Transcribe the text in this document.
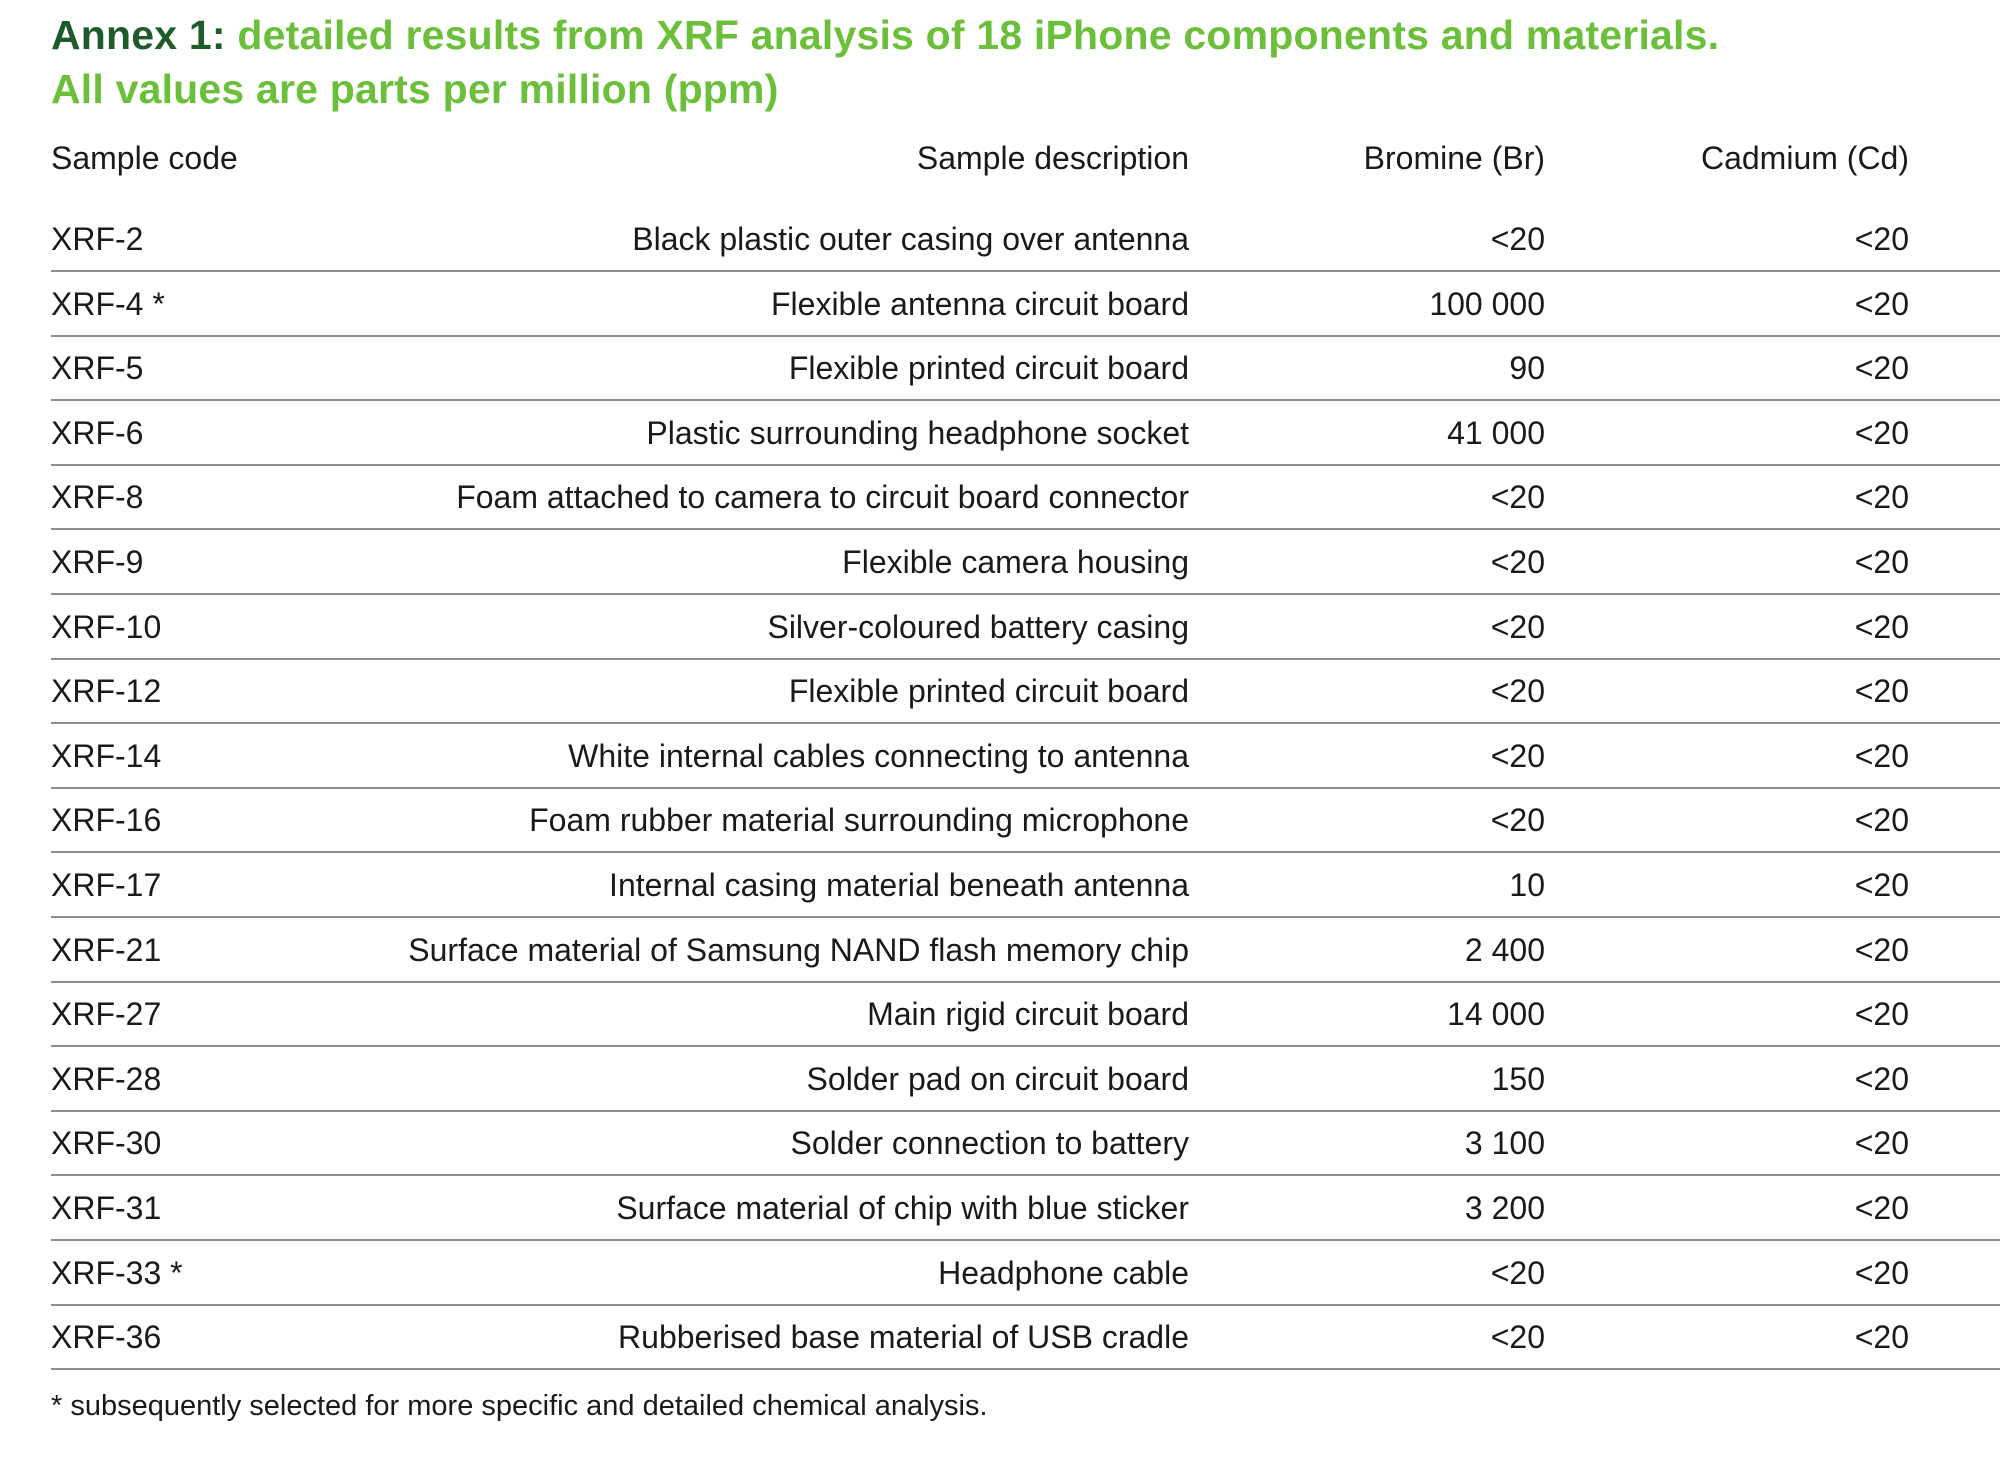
Annex 1: detailed results from XRF analysis of 18 iPhone components and materials.
All values are parts per million (ppm)
Sample code	Sample description	Bromine (Br)	Cadmium (Cd)
XRF-2	Black plastic outer casing over antenna	<20	<20
XRF-4 *	Flexible antenna circuit board	100 000	<20
XRF-5	Flexible printed circuit board	90	<20
XRF-6	Plastic surrounding headphone socket	41 000	<20
XRF-8	Foam attached to camera to circuit board connector	<20	<20
XRF-9	Flexible camera housing	<20	<20
XRF-10	Silver-coloured battery casing	<20	<20
XRF-12	Flexible printed circuit board	<20	<20
XRF-14	White internal cables connecting to antenna	<20	<20
XRF-16	Foam rubber material surrounding microphone	<20	<20
XRF-17	Internal casing material beneath antenna	10	<20
XRF-21	Surface material of Samsung NAND flash memory chip	2 400	<20
XRF-27	Main rigid circuit board	14 000	<20
XRF-28	Solder pad on circuit board	150	<20
XRF-30	Solder connection to battery	3 100	<20
XRF-31	Surface material of chip with blue sticker	3 200	<20
XRF-33 *	Headphone cable	<20	<20
XRF-36	Rubberised base material of USB cradle	<20	<20
* subsequently selected for more specific and detailed chemical analysis.
